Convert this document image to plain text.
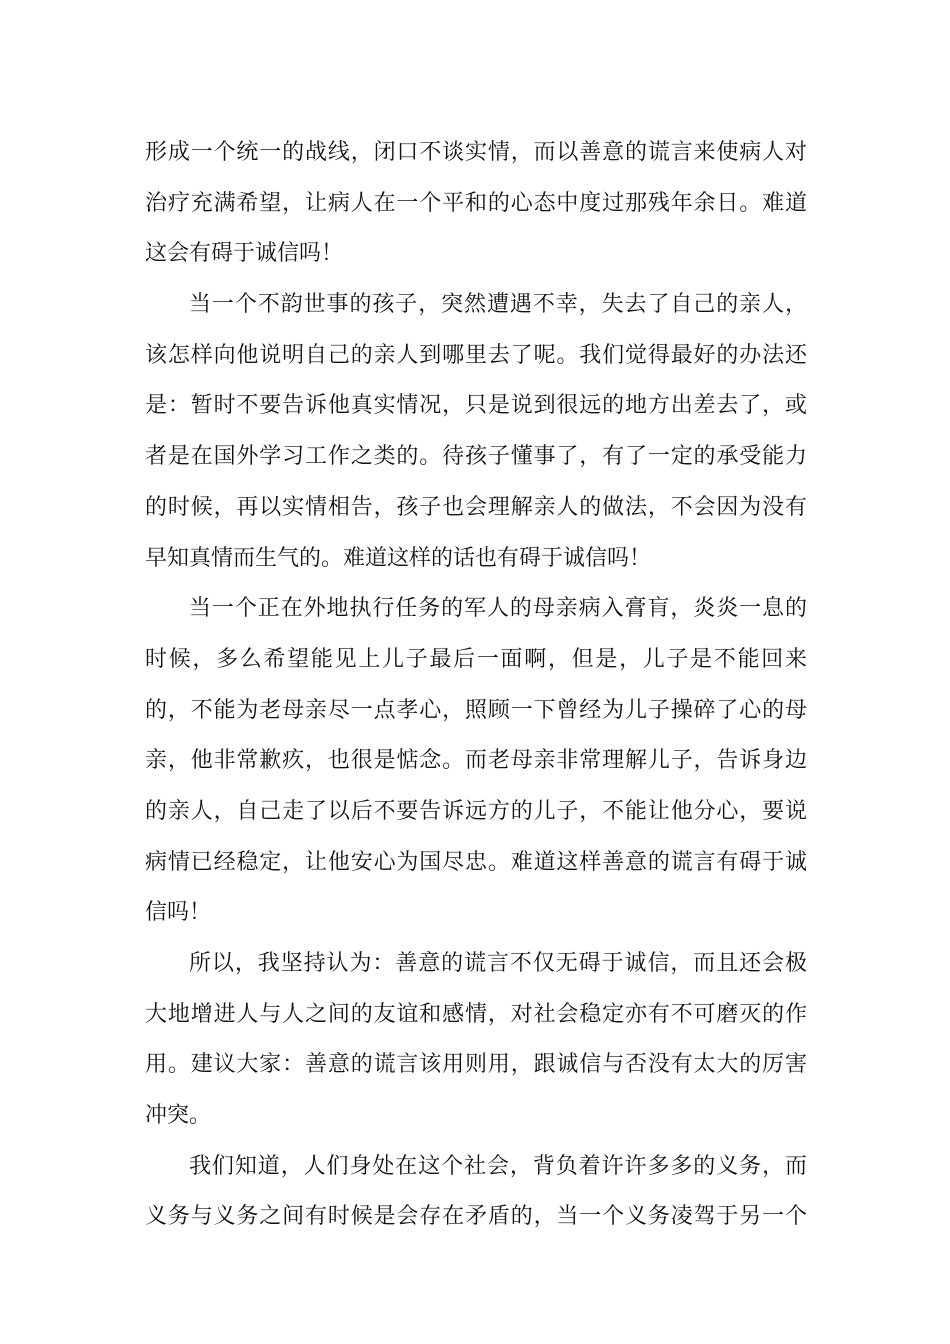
形成一个统一的战线，闭口不谈实情，而以善意的谎言来使病人对
治疗充满希望，让病人在一个平和的心态中度过那残年余日。难道
这会有碍于诚信吗！
当一个不韵世事的孩子，突然遭遇不幸，失去了自己的亲人，
该怎样向他说明自己的亲人到哪里去了呢。我们觉得最好的办法还
是：暂时不要告诉他真实情况，只是说到很远的地方出差去了，或
者是在国外学习工作之类的。待孩子懂事了，有了一定的承受能力
的时候，再以实情相告，孩子也会理解亲人的做法，不会因为没有
早知真情而生气的。难道这样的话也有碍于诚信吗！
当一个正在外地执行任务的军人的母亲病入膏肓，炎炎一息的
时候，多么希望能见上儿子最后一面啊，但是，儿子是不能回来
的，不能为老母亲尽一点孝心，照顾一下曾经为儿子操碎了心的母
亲，他非常歉疚，也很是惦念。而老母亲非常理解儿子，告诉身边
的亲人，自己走了以后不要告诉远方的儿子，不能让他分心，要说
病情已经稳定，让他安心为国尽忠。难道这样善意的谎言有碍于诚
信吗！
所以，我坚持认为：善意的谎言不仅无碍于诚信，而且还会极
大地增进人与人之间的友谊和感情，对社会稳定亦有不可磨灭的作
用。建议大家：善意的谎言该用则用，跟诚信与否没有太大的厉害
冲突。
我们知道，人们身处在这个社会，背负着许许多多的义务，而
义务与义务之间有时候是会存在矛盾的，当一个义务凌驾于另一个
